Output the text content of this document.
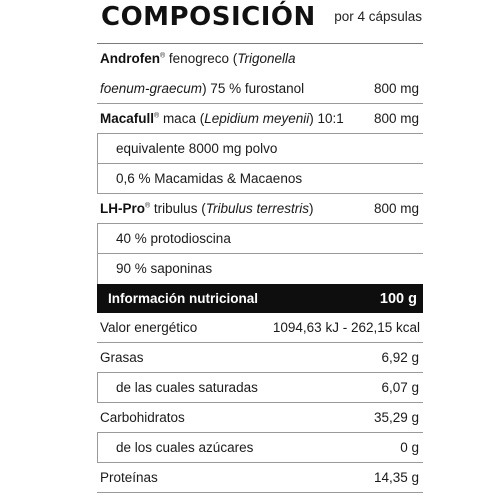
COMPOSICIÓN por 4 cápsulas
Androfen® fenogreco (Trigonella
foenum-graecum) 75 % furostanol	800 mg
Macafull® maca (Lepidium meyenii) 10:1 800 mg
equivalente 8000 mg polvo
0,6 % Macamidas & Macaenos
LH-Pro® tribulus (Tribulus terrestris)	800 mg
40 % protodioscina
90 % saponinas
Información nutricional	100 g
Valor energético	1094,63 kJ - 262,15 kcal
Grasas	6,92 g
de las cuales saturadas	6,07 g
Carbohidratos	35,29 g
de los cuales azúcares	0 g
Proteínas	14,35 g
